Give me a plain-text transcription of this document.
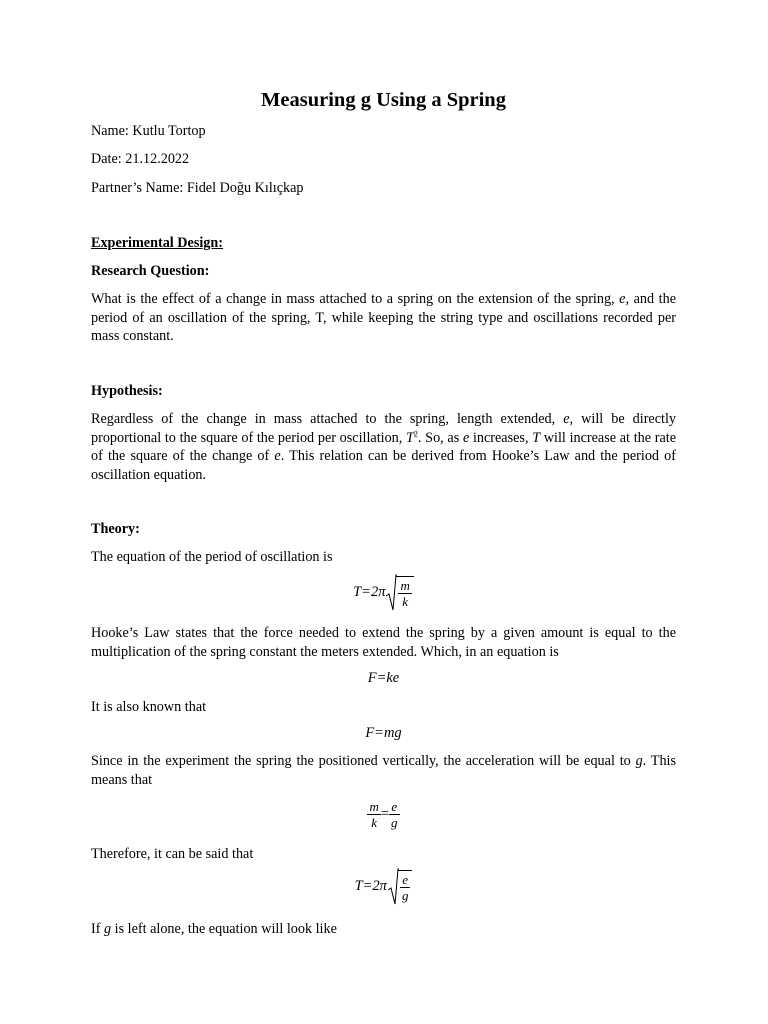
Measuring g Using a Spring
Name: Kutlu Tortop
Date: 21.12.2022
Partner’s Name: Fidel Doğu Kılıçkap
Experimental Design:
Research Question:
What is the effect of a change in mass attached to a spring on the extension of the spring, e, and the period of an oscillation of the spring, T, while keeping the string type and oscillations recorded per mass constant.
Hypothesis:
Regardless of the change in mass attached to the spring, length extended, e, will be directly proportional to the square of the period per oscillation, $T^2$. So, as e increases, T will increase at the rate of the square of the change of e. This relation can be derived from Hooke’s Law and the period of oscillation equation.
Theory:
The equation of the period of oscillation is
$T=2\pi \frac{m}{k}$
Hooke’s Law states that the force needed to extend the spring by a given amount is equal to the multiplication of the spring constant the meters extended. Which, in an equation is
F=ke
It is also known that
F=mg
Since in the experiment the spring the positioned vertically, the acceleration will be equal to g. This means that
$\frac{m}{k} = \frac{e}{g}$
Therefore, it can be said that
$T=2\pi \frac{e}{g}$
If g is left alone, the equation will look like
